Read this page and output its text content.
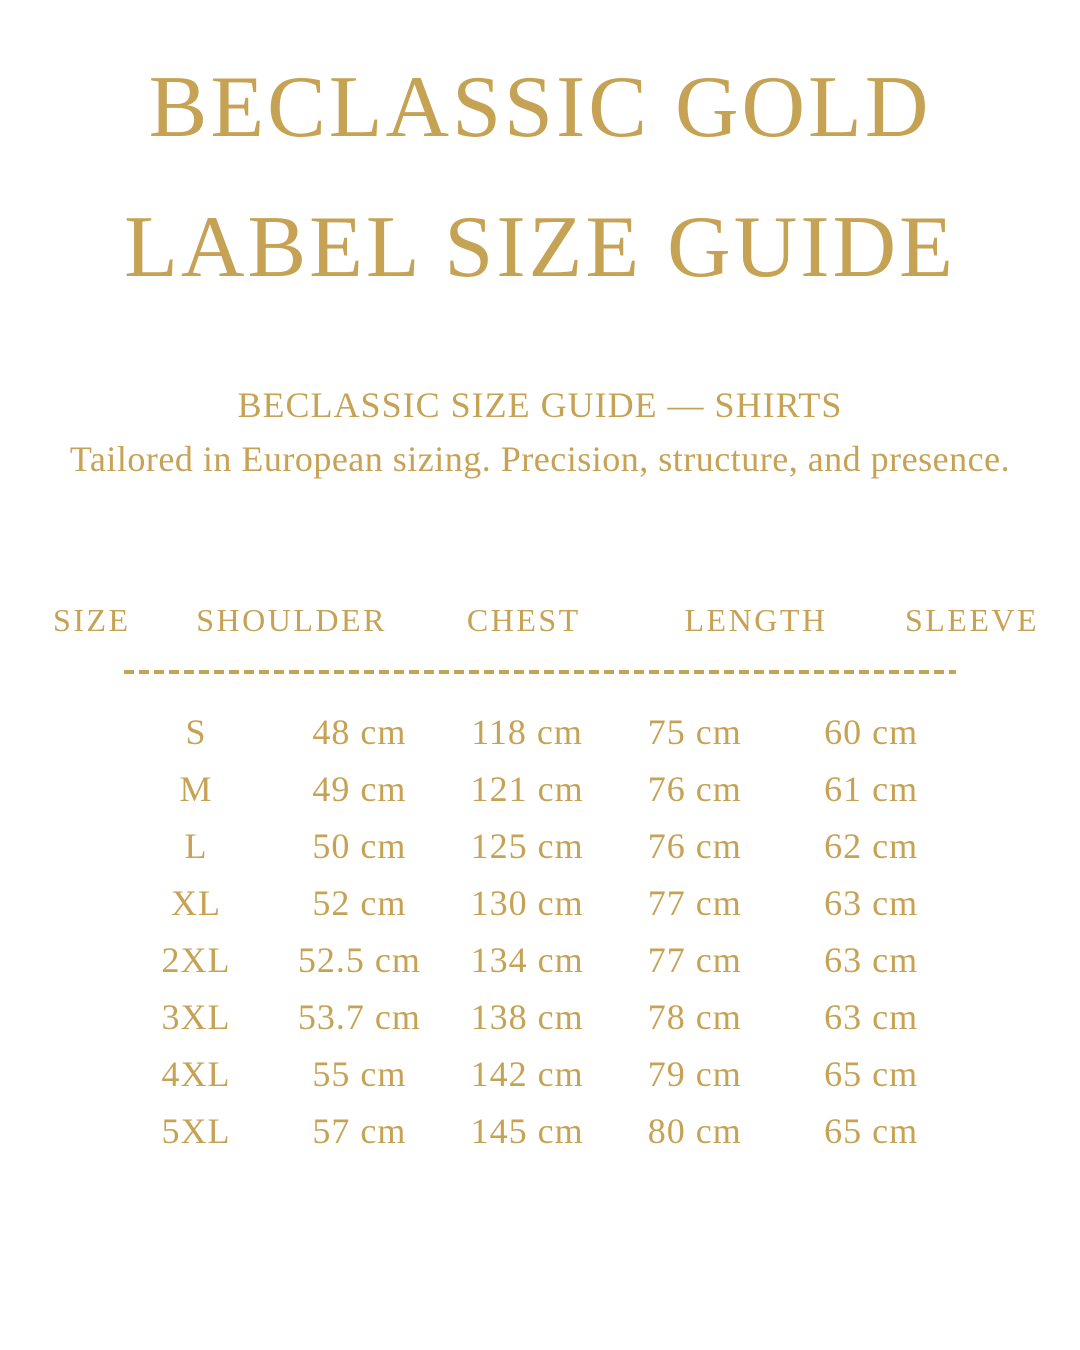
BECLASSIC GOLD
LABEL SIZE GUIDE

BECLASSIC SIZE GUIDE — SHIRTS
Tailored in European sizing. Precision, structure, and presence.

SIZE	SHOULDER	CHEST	LENGTH	SLEEVE
S	48 cm	118 cm	75 cm	60 cm
M	49 cm	121 cm	76 cm	61 cm
L	50 cm	125 cm	76 cm	62 cm
XL	52 cm	130 cm	77 cm	63 cm
2XL	52.5 cm	134 cm	77 cm	63 cm
3XL	53.7 cm	138 cm	78 cm	63 cm
4XL	55 cm	142 cm	79 cm	65 cm
5XL	57 cm	145 cm	80 cm	65 cm
